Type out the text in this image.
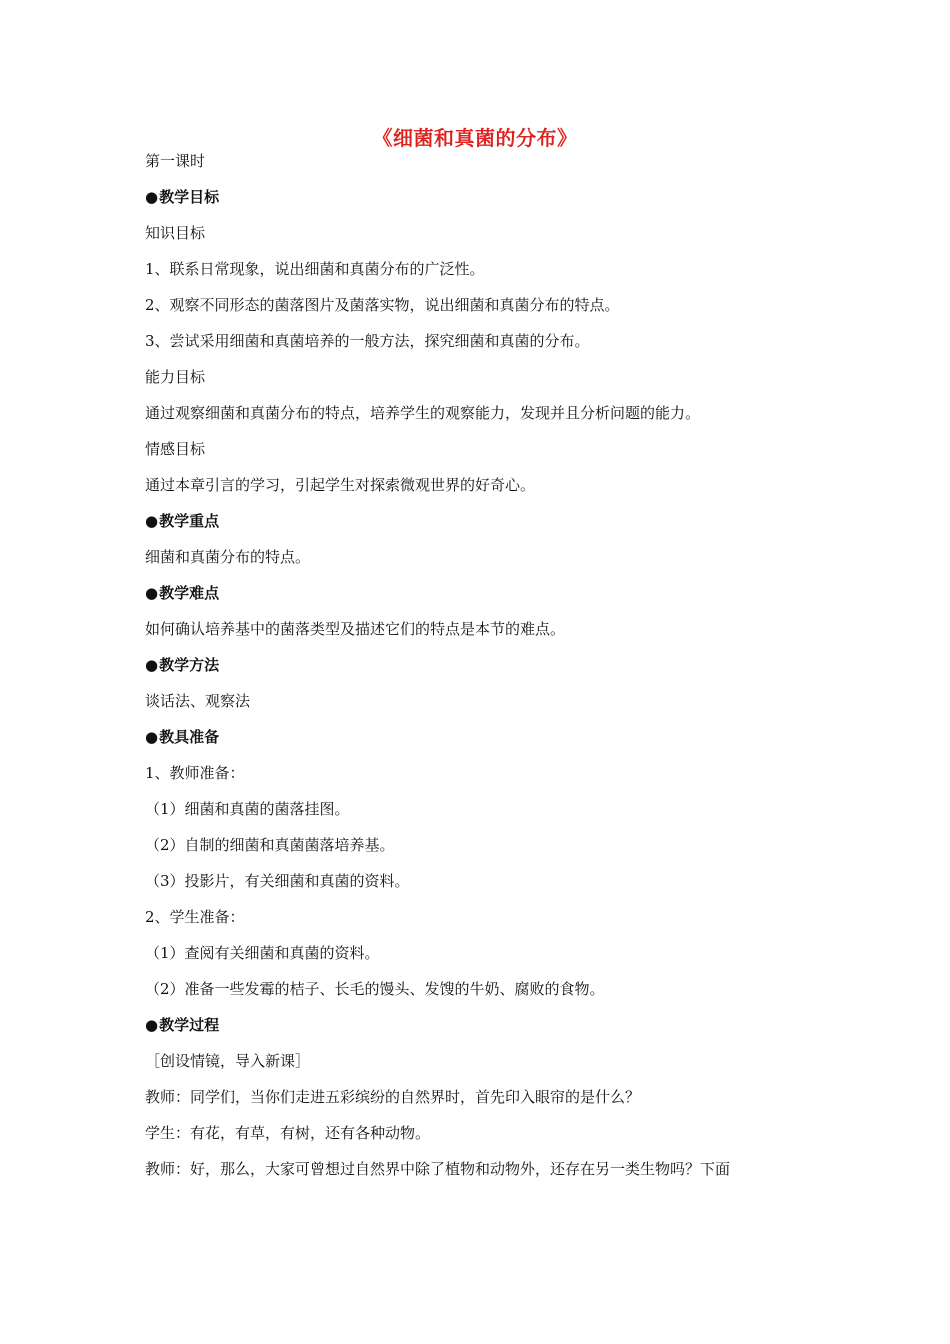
《细菌和真菌的分布》
第一课时
●教学目标
知识目标
1、联系日常现象，说出细菌和真菌分布的广泛性。
2、观察不同形态的菌落图片及菌落实物，说出细菌和真菌分布的特点。
3、尝试采用细菌和真菌培养的一般方法，探究细菌和真菌的分布。
能力目标
通过观察细菌和真菌分布的特点，培养学生的观察能力，发现并且分析问题的能力。
情感目标
通过本章引言的学习，引起学生对探索微观世界的好奇心。
●教学重点
细菌和真菌分布的特点。
●教学难点
如何确认培养基中的菌落类型及描述它们的特点是本节的难点。
●教学方法
谈话法、观察法
●教具准备
1、教师准备：
（1）细菌和真菌的菌落挂图。
（2）自制的细菌和真菌菌落培养基。
（3）投影片，有关细菌和真菌的资料。
2、学生准备：
（1）查阅有关细菌和真菌的资料。
（2）准备一些发霉的桔子、长毛的馒头、发馊的牛奶、腐败的食物。
●教学过程
［创设情镜，导入新课］
教师：同学们，当你们走进五彩缤纷的自然界时，首先印入眼帘的是什么？
学生：有花，有草，有树，还有各种动物。
教师：好，那么，大家可曾想过自然界中除了植物和动物外，还存在另一类生物吗？下面
